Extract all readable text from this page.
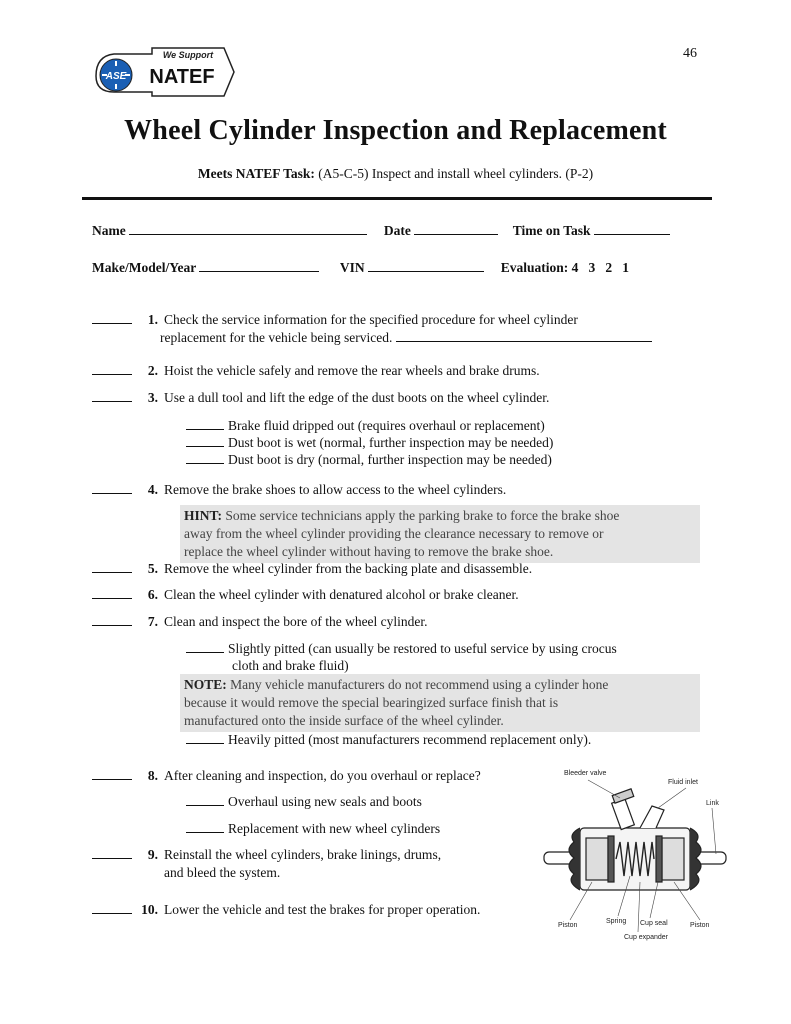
ASE
We Support
NATEF
46
Wheel Cylinder Inspection and Replacement
Meets NATEF Task: (A5-C-5) Inspect and install wheel cylinders. (P-2)
Name	Date	Time on Task
Make/Model/Year	VIN	Evaluation: 4   3   2   1
1. Check the service information for the specified procedure for wheel cylinder
replacement for the vehicle being serviced.
2. Hoist the vehicle safely and remove the rear wheels and brake drums.
3. Use a dull tool and lift the edge of the dust boots on the wheel cylinder.
Brake fluid dripped out (requires overhaul or replacement)
Dust boot is wet (normal, further inspection may be needed)
Dust boot is dry (normal, further inspection may be needed)
4. Remove the brake shoes to allow access to the wheel cylinders.
HINT: Some service technicians apply the parking brake to force the brake shoe
away from the wheel cylinder providing the clearance necessary to remove or
replace the wheel cylinder without having to remove the brake shoe.
5. Remove the wheel cylinder from the backing plate and disassemble.
6. Clean the wheel cylinder with denatured alcohol or brake cleaner.
7. Clean and inspect the bore of the wheel cylinder.
Slightly pitted (can usually be restored to useful service by using crocus
cloth and brake fluid)
NOTE: Many vehicle manufacturers do not recommend using a cylinder hone
because it would remove the special bearingized surface finish that is
manufactured onto the inside surface of the wheel cylinder.
Heavily pitted (most manufacturers recommend replacement only).
8. After cleaning and inspection, do you overhaul or replace?
Overhaul using new seals and boots
Replacement with new wheel cylinders
9. Reinstall the wheel cylinders, brake linings, drums,
and bleed the system.
10. Lower the vehicle and test the brakes for proper operation.
Bleeder valve
Fluid inlet
Link
Piston
Spring Cup seal
Cup expander
Piston
